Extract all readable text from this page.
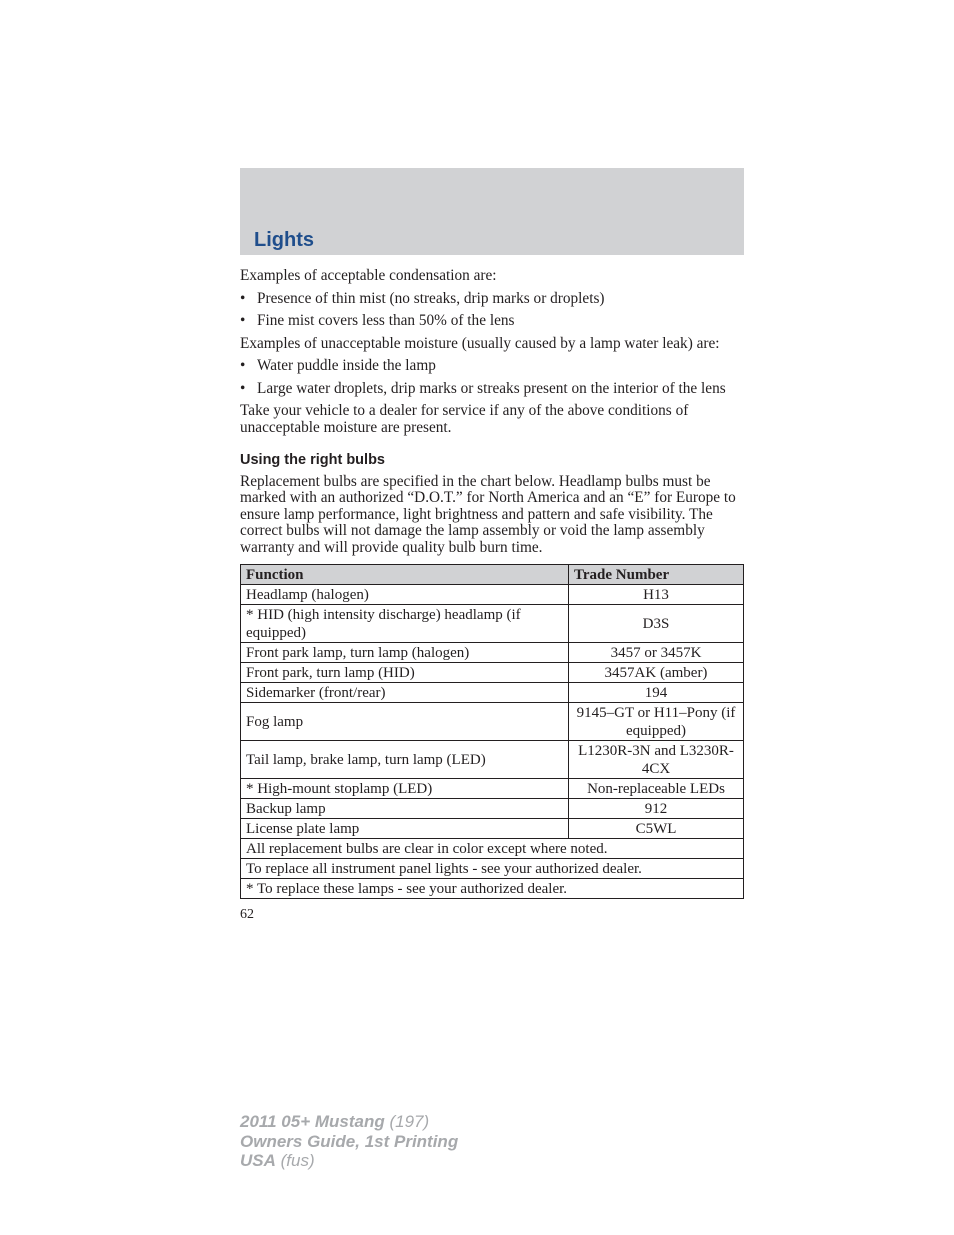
Lights

Examples of acceptable condensation are:

• Presence of thin mist (no streaks, drip marks or droplets)
• Fine mist covers less than 50% of the lens

Examples of unacceptable moisture (usually caused by a lamp water leak) are:

• Water puddle inside the lamp
• Large water droplets, drip marks or streaks present on the interior of the lens

Take your vehicle to a dealer for service if any of the above conditions of unacceptable moisture are present.

Using the right bulbs

Replacement bulbs are specified in the chart below. Headlamp bulbs must be marked with an authorized “D.O.T.” for North America and an “E” for Europe to ensure lamp performance, light brightness and pattern and safe visibility. The correct bulbs will not damage the lamp assembly or void the lamp assembly warranty and will provide quality bulb burn time.

Function	Trade Number
Headlamp (halogen)	H13
* HID (high intensity discharge) headlamp (if equipped)	D3S
Front park lamp, turn lamp (halogen)	3457 or 3457K
Front park, turn lamp (HID)	3457AK (amber)
Sidemarker (front/rear)	194
Fog lamp	9145–GT or H11–Pony (if equipped)
Tail lamp, brake lamp, turn lamp (LED)	L1230R-3N and L3230R-4CX
* High-mount stoplamp (LED)	Non-replaceable LEDs
Backup lamp	912
License plate lamp	C5WL
All replacement bulbs are clear in color except where noted.	
To replace all instrument panel lights - see your authorized dealer.	
* To replace these lamps - see your authorized dealer.	
62
2011 05+ Mustang (197)
Owners Guide, 1st Printing
USA (fus)
